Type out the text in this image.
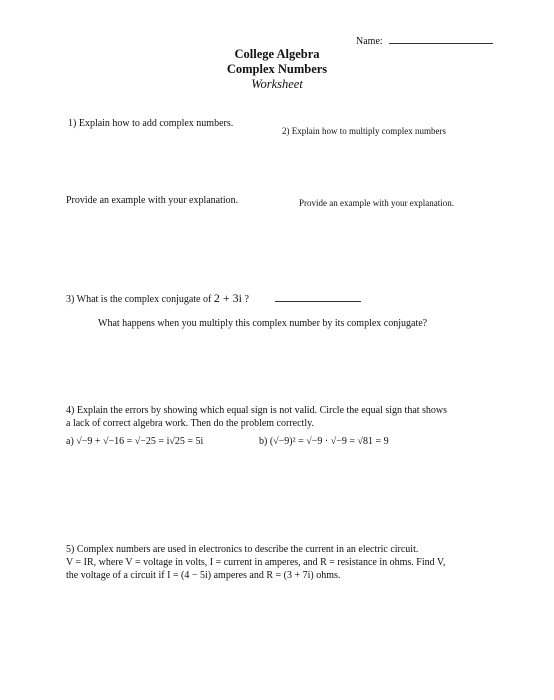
Name:
College Algebra
Complex Numbers
Worksheet
1) Explain how to add complex numbers.
2) Explain how to multiply complex numbers
Provide an example with your explanation.	Provide an example with your explanation.
3) What is the complex conjugate of 2 + 3i ?
What happens when you multiply this complex number by its complex conjugate?
4) Explain the errors by showing which equal sign is not valid. Circle the equal sign that shows
a lack of correct algebra work. Then do the problem correctly.
a) √−9 + √−16 = √−25 = i√25 = 5i	b) (√−9)² = √−9 · √−9 = √81 = 9
5) Complex numbers are used in electronics to describe the current in an electric circuit.
V = IR, where V = voltage in volts, I = current in amperes, and R = resistance in ohms. Find V,
the voltage of a circuit if I = (4 − 5i) amperes and R = (3 + 7i) ohms.
